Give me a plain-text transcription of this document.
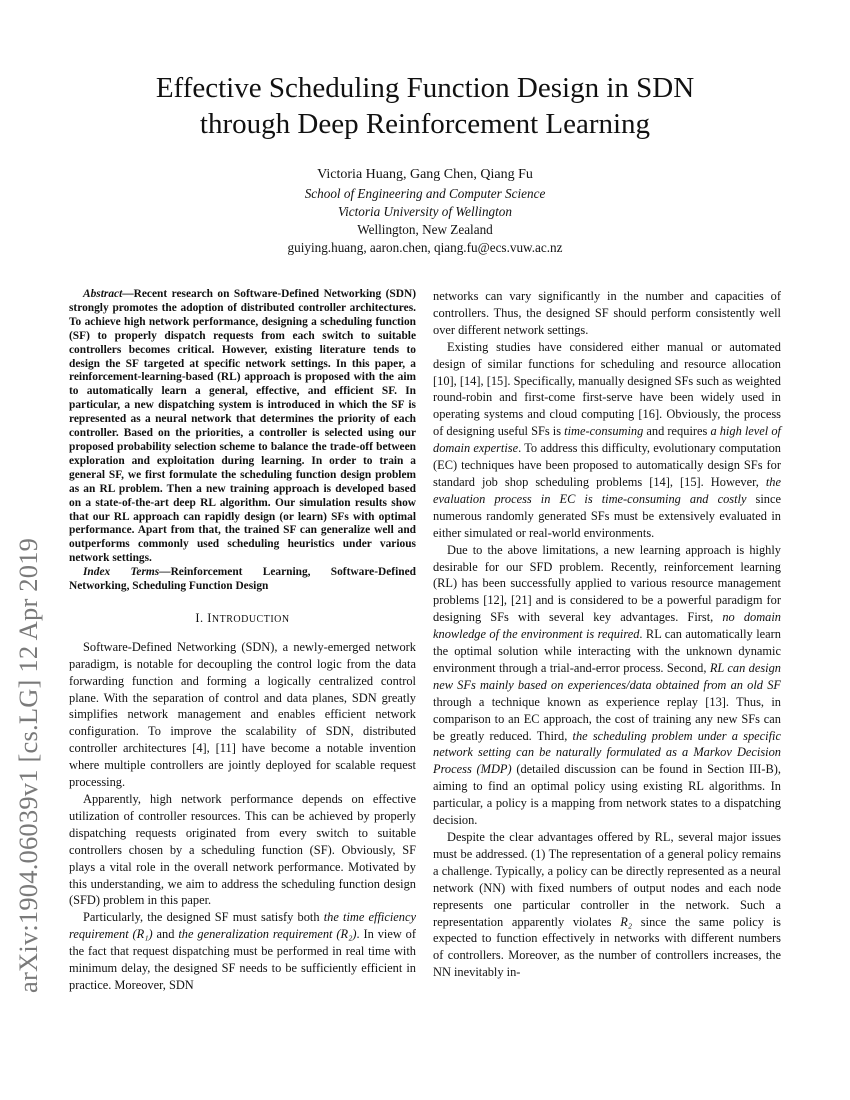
Effective Scheduling Function Design in SDN
through Deep Reinforcement Learning
Victoria Huang, Gang Chen, Qiang Fu
School of Engineering and Computer Science
Victoria University of Wellington
Wellington, New Zealand
guiying.huang, aaron.chen, qiang.fu@ecs.vuw.ac.nz
arXiv:1904.06039v1 [cs.LG] 12 Apr 2019

Abstract—Recent research on Software-Defined Networking (SDN) strongly promotes the adoption of distributed controller architectures. To achieve high network performance, designing a scheduling function (SF) to properly dispatch requests from each switch to suitable controllers becomes critical. However, existing literature tends to design the SF targeted at specific network settings. In this paper, a reinforcement-learning-based (RL) approach is proposed with the aim to automatically learn a general, effective, and efficient SF. In particular, a new dispatching system is introduced in which the SF is represented as a neural network that determines the priority of each controller. Based on the priorities, a controller is selected using our proposed probability selection scheme to balance the trade-off between exploration and exploitation during learning. In order to train a general SF, we first formulate the scheduling function design problem as an RL problem. Then a new training approach is developed based on a state-of-the-art deep RL algorithm. Our simulation results show that our RL approach can rapidly design (or learn) SFs with optimal performance. Apart from that, the trained SF can generalize well and outperforms commonly used scheduling heuristics under various network settings.

Index Terms—Reinforcement Learning, Software-Defined Networking, Scheduling Function Design

I. INTRODUCTION

Software-Defined Networking (SDN), a newly-emerged network paradigm, is notable for decoupling the control logic from the data forwarding function and forming a logically centralized control plane. With the separation of control and data planes, SDN greatly simplifies network management and enables efficient network configuration. To improve the scalability of SDN, distributed controller architectures [4], [11] have become a notable invention where multiple controllers are jointly deployed for scalable request processing.

Apparently, high network performance depends on effective utilization of controller resources. This can be achieved by properly dispatching requests originated from every switch to suitable controllers chosen by a scheduling function (SF). Obviously, SF plays a vital role in the overall network performance. Motivated by this understanding, we aim to address the scheduling function design (SFD) problem in this paper.

Particularly, the designed SF must satisfy both the time efficiency requirement (R₁) and the generalization requirement (R₂). In view of the fact that request dispatching must be performed in real time with minimum delay, the designed SF needs to be sufficiently efficient in practice. Moreover, SDN

networks can vary significantly in the number and capacities of controllers. Thus, the designed SF should perform consistently well over different network settings.

Existing studies have considered either manual or automated design of similar functions for scheduling and resource allocation [10], [14], [15]. Specifically, manually designed SFs such as weighted round-robin and first-come first-serve have been widely used in operating systems and cloud computing [16]. Obviously, the process of designing useful SFs is time-consuming and requires a high level of domain expertise. To address this difficulty, evolutionary computation (EC) techniques have been proposed to automatically design SFs for standard job shop scheduling problems [14], [15]. However, the evaluation process in EC is time-consuming and costly since numerous randomly generated SFs must be extensively evaluated in either simulated or real-world environments.

Due to the above limitations, a new learning approach is highly desirable for our SFD problem. Recently, reinforcement learning (RL) has been successfully applied to various resource management problems [12], [21] and is considered to be a powerful paradigm for designing SFs with several key advantages. First, no domain knowledge of the environment is required. RL can automatically learn the optimal solution while interacting with the unknown dynamic environment through a trial-and-error process. Second, RL can design new SFs mainly based on experiences/data obtained from an old SF through a technique known as experience replay [13]. Thus, in comparison to an EC approach, the cost of training any new SFs can be greatly reduced. Third, the scheduling problem under a specific network setting can be naturally formulated as a Markov Decision Process (MDP) (detailed discussion can be found in Section III-B), aiming to find an optimal policy using existing RL algorithms. In particular, a policy is a mapping from network states to a dispatching decision.

Despite the clear advantages offered by RL, several major issues must be addressed. (1) The representation of a general policy remains a challenge. Typically, a policy can be directly represented as a neural network (NN) with fixed numbers of output nodes and each node represents one particular controller in the network. Such a representation apparently violates R₂ since the same policy is expected to function effectively in networks with different numbers of controllers. Moreover, as the number of controllers increases, the NN inevitably in-
